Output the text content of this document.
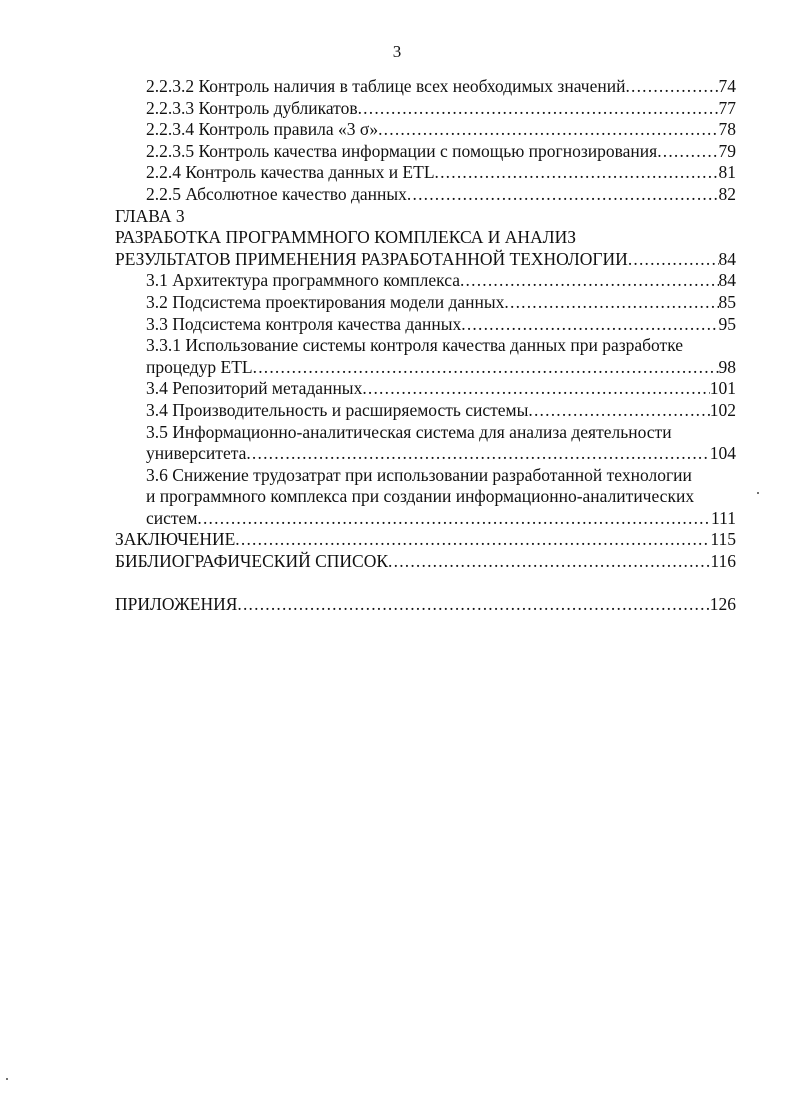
3
2.2.3.2 Контроль наличия в таблице всех необходимых значений .....	74
2.2.3.3 Контроль дубликатов .....	77
2.2.3.4 Контроль правила «3 σ» .....	78
2.2.3.5 Контроль качества информации с помощью прогнозирования .....	79
2.2.4 Контроль качества данных и ETL .....	81
2.2.5 Абсолютное качество данных .....	82
ГЛАВА 3
РАЗРАБОТКА ПРОГРАММНОГО КОМПЛЕКСА И АНАЛИЗ
РЕЗУЛЬТАТОВ ПРИМЕНЕНИЯ РАЗРАБОТАННОЙ ТЕХНОЛОГИИ .....	84
3.1 Архитектура программного комплекса .....	84
3.2 Подсистема проектирования модели данных .....	85
3.3 Подсистема контроля качества данных .....	95
3.3.1 Использование системы контроля качества данных при разработке
процедур ETL .....	98
3.4 Репозиторий метаданных .....	101
3.4 Производительность и расширяемость системы .....	102
3.5 Информационно-аналитическая система для анализа деятельности
университета .....	104
3.6 Снижение трудозатрат при использовании разработанной технологии
и программного комплекса при создании информационно-аналитических
систем .....	111
ЗАКЛЮЧЕНИЕ .....	115
БИБЛИОГРАФИЧЕСКИЙ СПИСОК .....	116
ПРИЛОЖЕНИЯ .....	126
